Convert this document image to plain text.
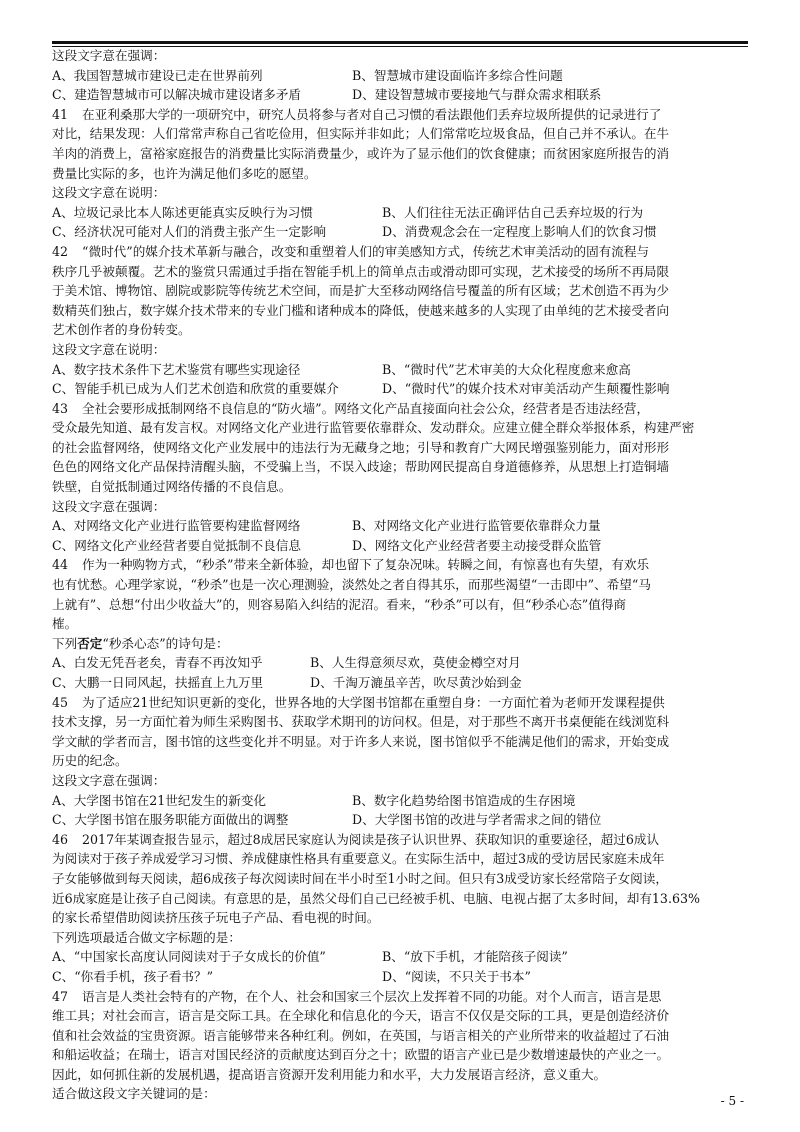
这段文字意在强调：
A、我国智慧城市建设已走在世界前列	B、智慧城市建设面临许多综合性问题
C、建造智慧城市可以解决城市建设诸多矛盾	D、建设智慧城市要接地气与群众需求相联系
41 在亚利桑那大学的一项研究中，研究人员将参与者对自己习惯的看法跟他们丢弃垃圾所提供的记录进行了
对比，结果发现：人们常常声称自己省吃俭用，但实际并非如此；人们常常吃垃圾食品，但自己并不承认。在牛
羊肉的消费上，富裕家庭报告的消费量比实际消费量少，或许为了显示他们的饮食健康；而贫困家庭所报告的消
费量比实际的多，也许为满足他们多吃的愿望。
这段文字意在说明：
A、垃圾记录比本人陈述更能真实反映行为习惯	B、人们往往无法正确评估自己丢弃垃圾的行为
C、经济状况可能对人们的消费主张产生一定影响	D、消费观念会在一定程度上影响人们的饮食习惯
42 “微时代”的媒介技术革新与融合，改变和重塑着人们的审美感知方式，传统艺术审美活动的固有流程与
秩序几乎被颠覆。艺术的鉴赏只需通过手指在智能手机上的简单点击或滑动即可实现，艺术接受的场所不再局限
于美术馆、博物馆、剧院或影院等传统艺术空间，而是扩大至移动网络信号覆盖的所有区域；艺术创造不再为少
数精英们独占，数字媒介技术带来的专业门槛和诸种成本的降低，使越来越多的人实现了由单纯的艺术接受者向
艺术创作者的身份转变。
这段文字意在说明：
A、数字技术条件下艺术鉴赏有哪些实现途径	B、“微时代”艺术审美的大众化程度愈来愈高
C、智能手机已成为人们艺术创造和欣赏的重要媒介	D、“微时代”的媒介技术对审美活动产生颠覆性影响
43 全社会要形成抵制网络不良信息的“防火墙”。网络文化产品直接面向社会公众，经营者是否违法经营，
受众最先知道、最有发言权。对网络文化产业进行监管要依靠群众、发动群众。应建立健全群众举报体系，构建严密
的社会监督网络，使网络文化产业发展中的违法行为无藏身之地；引导和教育广大网民增强鉴别能力，面对形形
色色的网络文化产品保持清醒头脑，不受骗上当，不误入歧途；帮助网民提高自身道德修养，从思想上打造铜墙
铁壁，自觉抵制通过网络传播的不良信息。
这段文字意在强调：
A、对网络文化产业进行监管要构建监督网络	B、对网络文化产业进行监管要依靠群众力量
C、网络文化产业经营者要自觉抵制不良信息	D、网络文化产业经营者要主动接受群众监管
44 作为一种购物方式，“秒杀”带来全新体验，却也留下了复杂况味。转瞬之间，有惊喜也有失望，有欢乐
也有忧愁。心理学家说，“秒杀”也是一次心理测验，淡然处之者自得其乐，而那些渴望“一击即中”、希望“马
上就有”、总想“付出少收益大”的，则容易陷入纠结的泥沼。看来，“秒杀”可以有，但“秒杀心态”值得商
榷。
下列否定“秒杀心态”的诗句是：
A、白发无凭吾老矣，青春不再汝知乎	B、人生得意须尽欢，莫使金樽空对月
C、大鹏一日同风起，扶摇直上九万里	D、千淘万漉虽辛苦，吹尽黄沙始到金
45 为了适应21世纪知识更新的变化，世界各地的大学图书馆都在重塑自身：一方面忙着为老师开发课程提供
技术支撑，另一方面忙着为师生采购图书、获取学术期刊的访问权。但是，对于那些不离开书桌便能在线浏览科
学文献的学者而言，图书馆的这些变化并不明显。对于许多人来说，图书馆似乎不能满足他们的需求，开始变成
历史的纪念。
这段文字意在强调：
A、大学图书馆在21世纪发生的新变化	B、数字化趋势给图书馆造成的生存困境
C、大学图书馆在服务职能方面做出的调整	D、大学图书馆的改进与学者需求之间的错位
46 2017年某调查报告显示，超过8成居民家庭认为阅读是孩子认识世界、获取知识的重要途径，超过6成认
为阅读对于孩子养成爱学习习惯、养成健康性格具有重要意义。在实际生活中，超过3成的受访居民家庭未成年
子女能够做到每天阅读，超6成孩子每次阅读时间在半小时至1小时之间。但只有3成受访家长经常陪子女阅读，
近6成家庭是让孩子自己阅读。有意思的是，虽然父母们自己已经被手机、电脑、电视占据了太多时间，却有13.63%
的家长希望借助阅读挤压孩子玩电子产品、看电视的时间。
下列选项最适合做文字标题的是：
A、“中国家长高度认同阅读对于子女成长的价值”	B、“放下手机，才能陪孩子阅读”
C、“你看手机，孩子看书？”	D、“阅读，不只关于书本”
47 语言是人类社会特有的产物，在个人、社会和国家三个层次上发挥着不同的功能。对个人而言，语言是思
维工具；对社会而言，语言是交际工具。在全球化和信息化的今天，语言不仅仅是交际的工具，更是创造经济价
值和社会效益的宝贵资源。语言能够带来各种红利。例如，在英国，与语言相关的产业所带来的收益超过了石油
和船运收益；在瑞士，语言对国民经济的贡献度达到百分之十；欧盟的语言产业已是少数增速最快的产业之一。
因此，如何抓住新的发展机遇，提高语言资源开发利用能力和水平，大力发展语言经济，意义重大。
适合做这段文字关键词的是：	- 5 -
